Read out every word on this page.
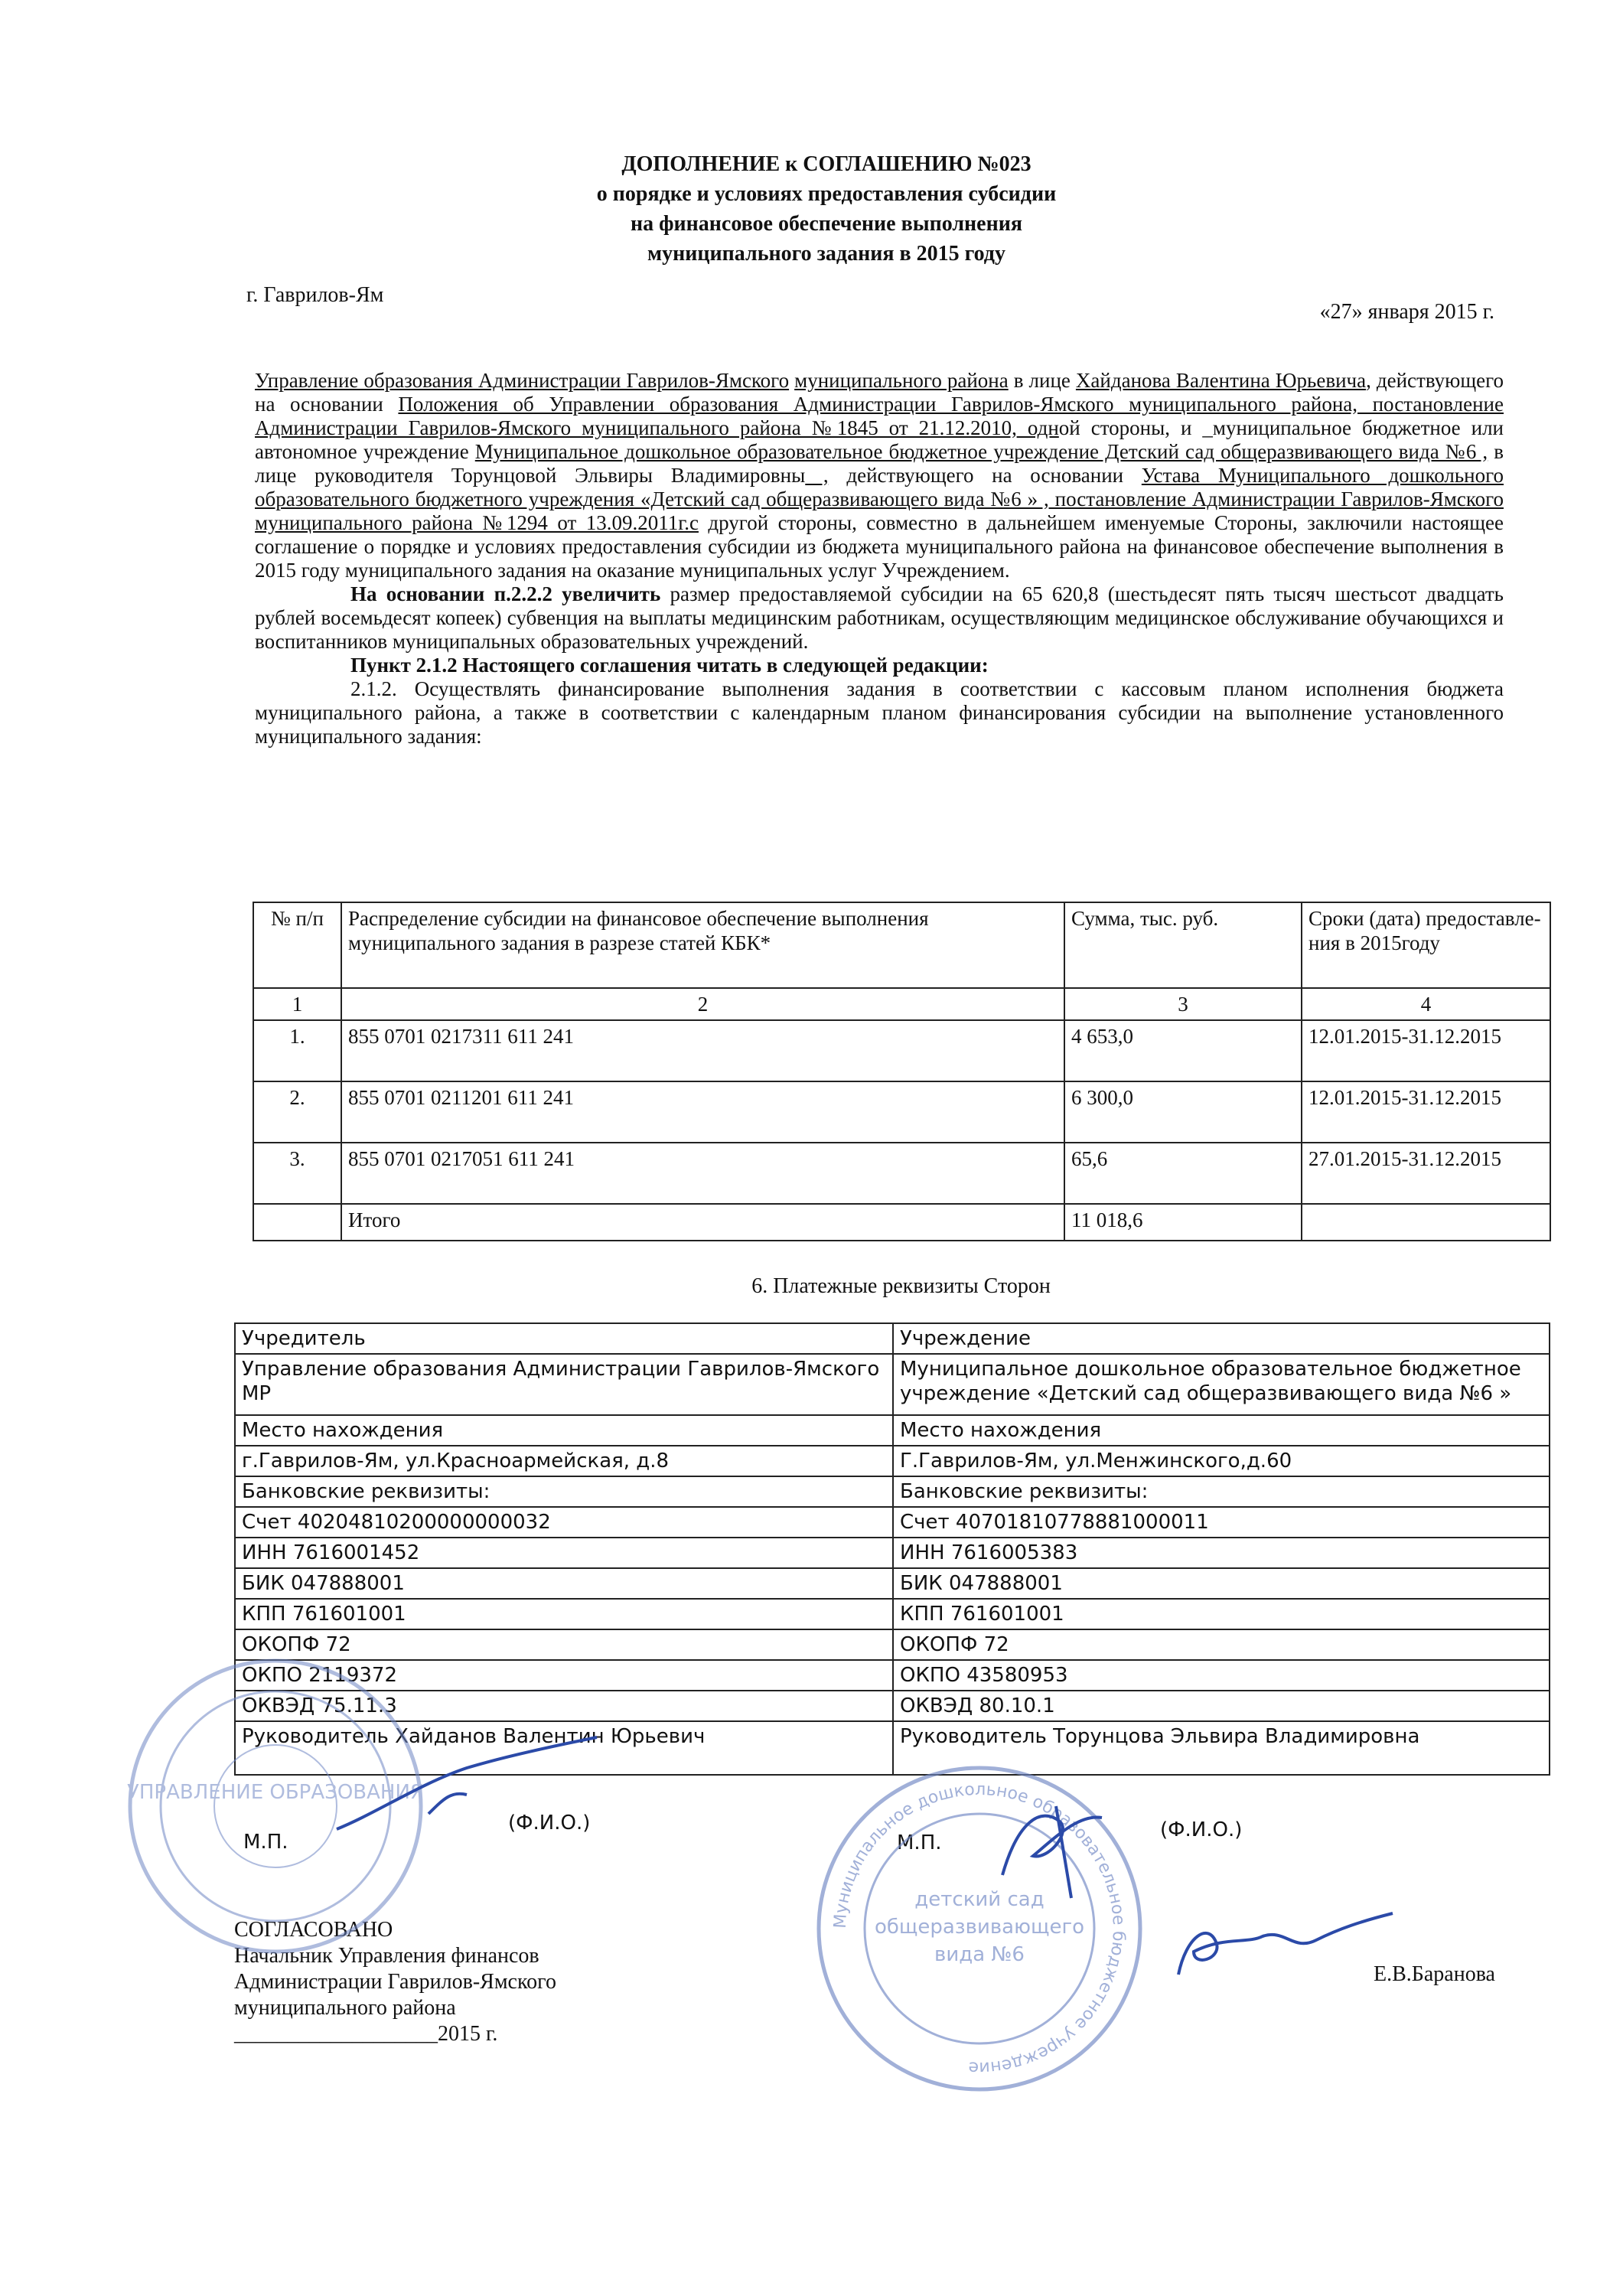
ДОПОЛНЕНИЕ к СОГЛАШЕНИЮ №023
о порядке и условиях предоставления субсидии
на финансовое обеспечение выполнения
муниципального задания в 2015 году
г. Гаврилов-Ям
«27» января 2015 г.

Управление образования Администрации Гаврилов-Ямского муниципального района в лице Хайданова Валентина Юрьевича, действующего на основании Положения об Управлении образования Администрации Гаврилов-Ямского муниципального района, постановление Администрации Гаврилов-Ямского муниципального района №1845 от 21.12.2010, одной стороны, и _муниципальное бюджетное или автономное учреждение Муниципальное дошкольное образовательное бюджетное учреждение Детский сад общеразвивающего вида №6 , в лице руководителя Торунцовой Эльвиры Владимировны , действующего на основании Устава Муниципального дошкольного образовательного бюджетного учреждения «Детский сад общеразвивающего вида №6 » , постановление Администрации Гаврилов-Ямского муниципального района №1294 от 13.09.2011г.с другой стороны, совместно в дальнейшем именуемые Стороны, заключили настоящее соглашение о порядке и условиях предоставления субсидии из бюджета муниципального района на финансовое обеспечение выполнения в 2015 году муниципального задания на оказание муниципальных услуг Учреждением.

На основании п.2.2.2 увеличить размер предоставляемой субсидии на 65 620,8 (шестьдесят пять тысяч шестьсот двадцать рублей восемьдесят копеек) субвенция на выплаты медицинским работникам, осуществляющим медицинское обслуживание обучающихся и воспитанников муниципальных образовательных учреждений.

Пункт 2.1.2 Настоящего соглашения читать в следующей редакции:

2.1.2. Осуществлять финансирование выполнения задания в соответствии с кассовым планом исполнения бюджета муниципального района, а также в соответствии с календарным планом финансирования субсидии на выполнение установленного муниципального задания:

№ п/п	Распределение субсидии на финансовое обеспечение выполнения муниципального задания в разрезе статей КБК*	Сумма, тыс. руб.	Сроки (дата) предоставле-ния в 2015году
1	2	3	4
1.	855 0701 0217311 611 241	4 653,0	12.01.2015-31.12.2015
2.	855 0701 0211201 611 241	6 300,0	12.01.2015-31.12.2015
3.	855 0701 0217051 611 241	65,6	27.01.2015-31.12.2015
	Итого	11 018,6	
6. Платежные реквизиты Сторон
Учредитель	Учреждение
Управление образования Администрации Гаврилов-Ямского МР	Муниципальное дошкольное образовательное бюджетное учреждение «Детский сад общеразвивающего вида №6 »
Место нахождения	Место нахождения
г.Гаврилов-Ям, ул.Красноармейская, д.8	Г.Гаврилов-Ям, ул.Менжинского,д.60
Банковские реквизиты:	Банковские реквизиты:
Счет 40204810200000000032	Счет 40701810778881000011
ИНН 7616001452	ИНН 7616005383
БИК 047888001	БИК 047888001
КПП 761601001	КПП 761601001
ОКОПФ 72	ОКОПФ 72
ОКПО 2119372	ОКПО 43580953
ОКВЭД 75.11.3	ОКВЭД 80.10.1
Руководитель Хайданов Валентин Юрьевич	Руководитель Торунцова Эльвира Владимировна
(Ф.И.О.)
М.П.
(Ф.И.О.)
М.П.
СОГЛАСОВАНО
Начальник Управления финансов
Администрации Гаврилов-Ямского
муниципального района
___________________2015 г.
Е.В.Баранова
УПРАВЛЕНИЕ ОБРАЗОВАНИЯ
Муниципальное дошкольное образовательное бюджетное учреждение
детский сад
общеразвивающего
вида №6
